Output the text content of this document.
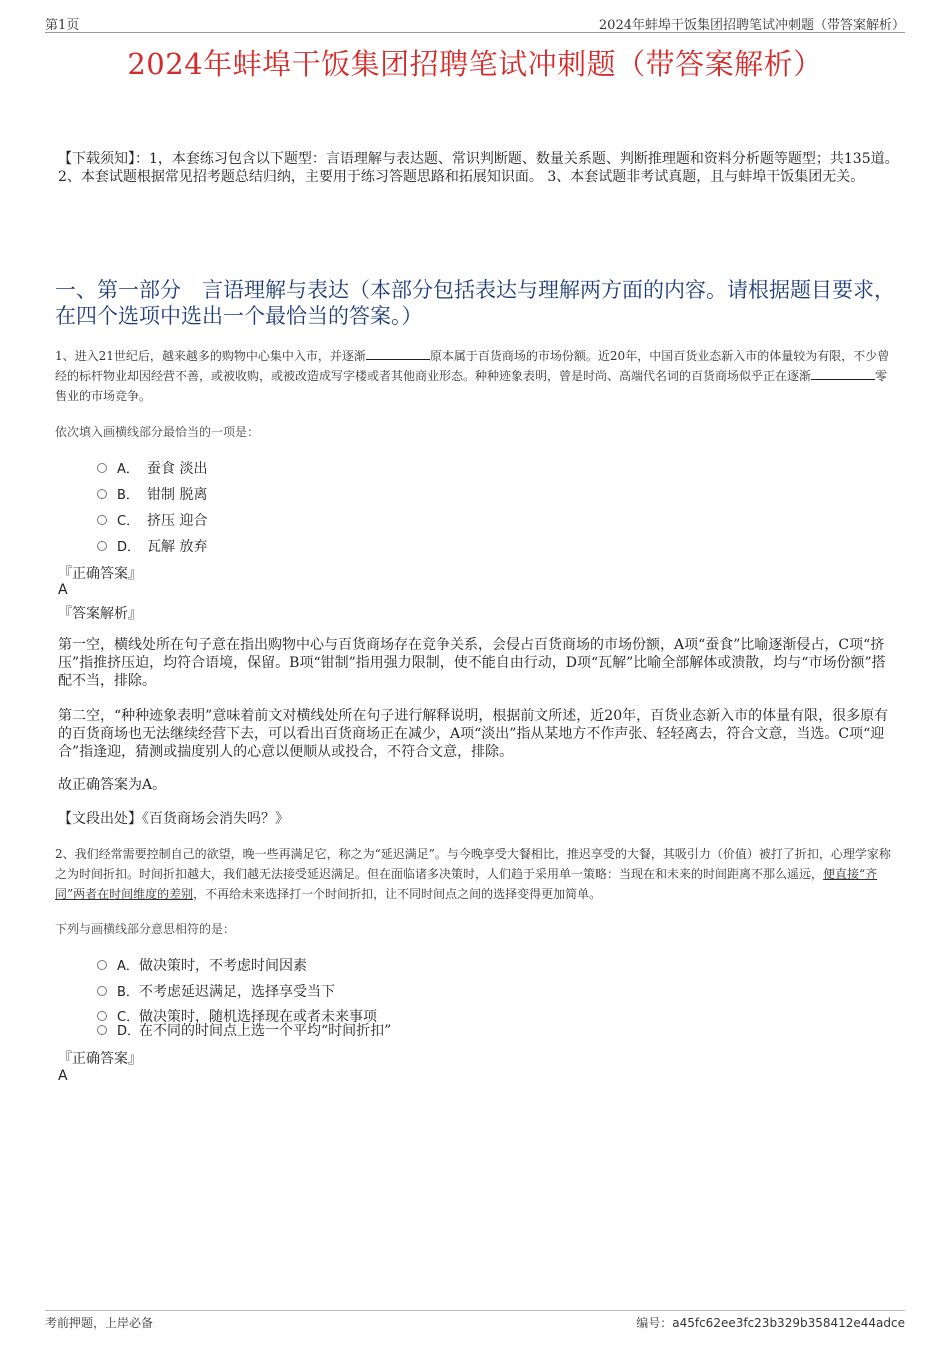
第1页	2024年蚌埠干饭集团招聘笔试冲刺题（带答案解析）
2024年蚌埠干饭集团招聘笔试冲刺题（带答案解析）
【下载须知】：1，本套练习包含以下题型：言语理解与表达题、常识判断题、数量关系题、判断推理题和资料分析题等题型；共135道。 2、本套试题根据常见招考题总结归纳，主要用于练习答题思路和拓展知识面。 3、本套试题非考试真题，且与蚌埠干饭集团无关。
一、第一部分　言语理解与表达（本部分包括表达与理解两方面的内容。请根据题目要求，在四个选项中选出一个最恰当的答案。）
1、进入21世纪后，越来越多的购物中心集中入市，并逐渐	原本属于百货商场的市场份额。近20年，中国百货业态新入市的体量较为有限，不少曾经的标杆物业却因经营不善，或被收购，或被改造成写字楼或者其他商业形态。种种迹象表明，曾是时尚、高端代名词的百货商场似乎正在逐渐	零售业的市场竞争。
依次填入画横线部分最恰当的一项是：
A． 蚕食 淡出
B． 钳制 脱离
C． 挤压 迎合
D． 瓦解 放弃
『正确答案』
A
『答案解析』
第一空，横线处所在句子意在指出购物中心与百货商场存在竞争关系，会侵占百货商场的市场份额，A项“蚕食”比喻逐渐侵占，C项“挤压”指推挤压迫，均符合语境，保留。B项“钳制”指用强力限制，使不能自由行动，D项“瓦解”比喻全部解体或溃散，均与“市场份额”搭配不当，排除。
第二空，“种种迹象表明”意味着前文对横线处所在句子进行解释说明，根据前文所述，近20年，百货业态新入市的体量有限，很多原有的百货商场也无法继续经营下去，可以看出百货商场正在减少，A项“淡出”指从某地方不作声张、轻轻离去，符合文意，当选。C项“迎合”指逢迎，猜测或揣度别人的心意以便顺从或投合，不符合文意，排除。
故正确答案为A。
【文段出处】《百货商场会消失吗？》
2、我们经常需要控制自己的欲望，晚一些再满足它，称之为“延迟满足”。与今晚享受大餐相比，推迟享受的大餐，其吸引力（价值）被打了折扣，心理学家称之为时间折扣。时间折扣越大，我们越无法接受延迟满足。但在面临诸多决策时，人们趋于采用单一策略：当现在和未来的时间距离不那么遥远，便直接“齐同”两者在时间维度的差别，不再给未来选择打一个时间折扣，让不同时间点之间的选择变得更加简单。
下列与画横线部分意思相符的是：
A．做决策时，不考虑时间因素
B．不考虑延迟满足，选择享受当下
C．做决策时，随机选择现在或者未来事项
D．在不同的时间点上选一个平均“时间折扣”
『正确答案』
A
考前押题，上岸必备	编号：a45fc62ee3fc23b329b358412e44adce
